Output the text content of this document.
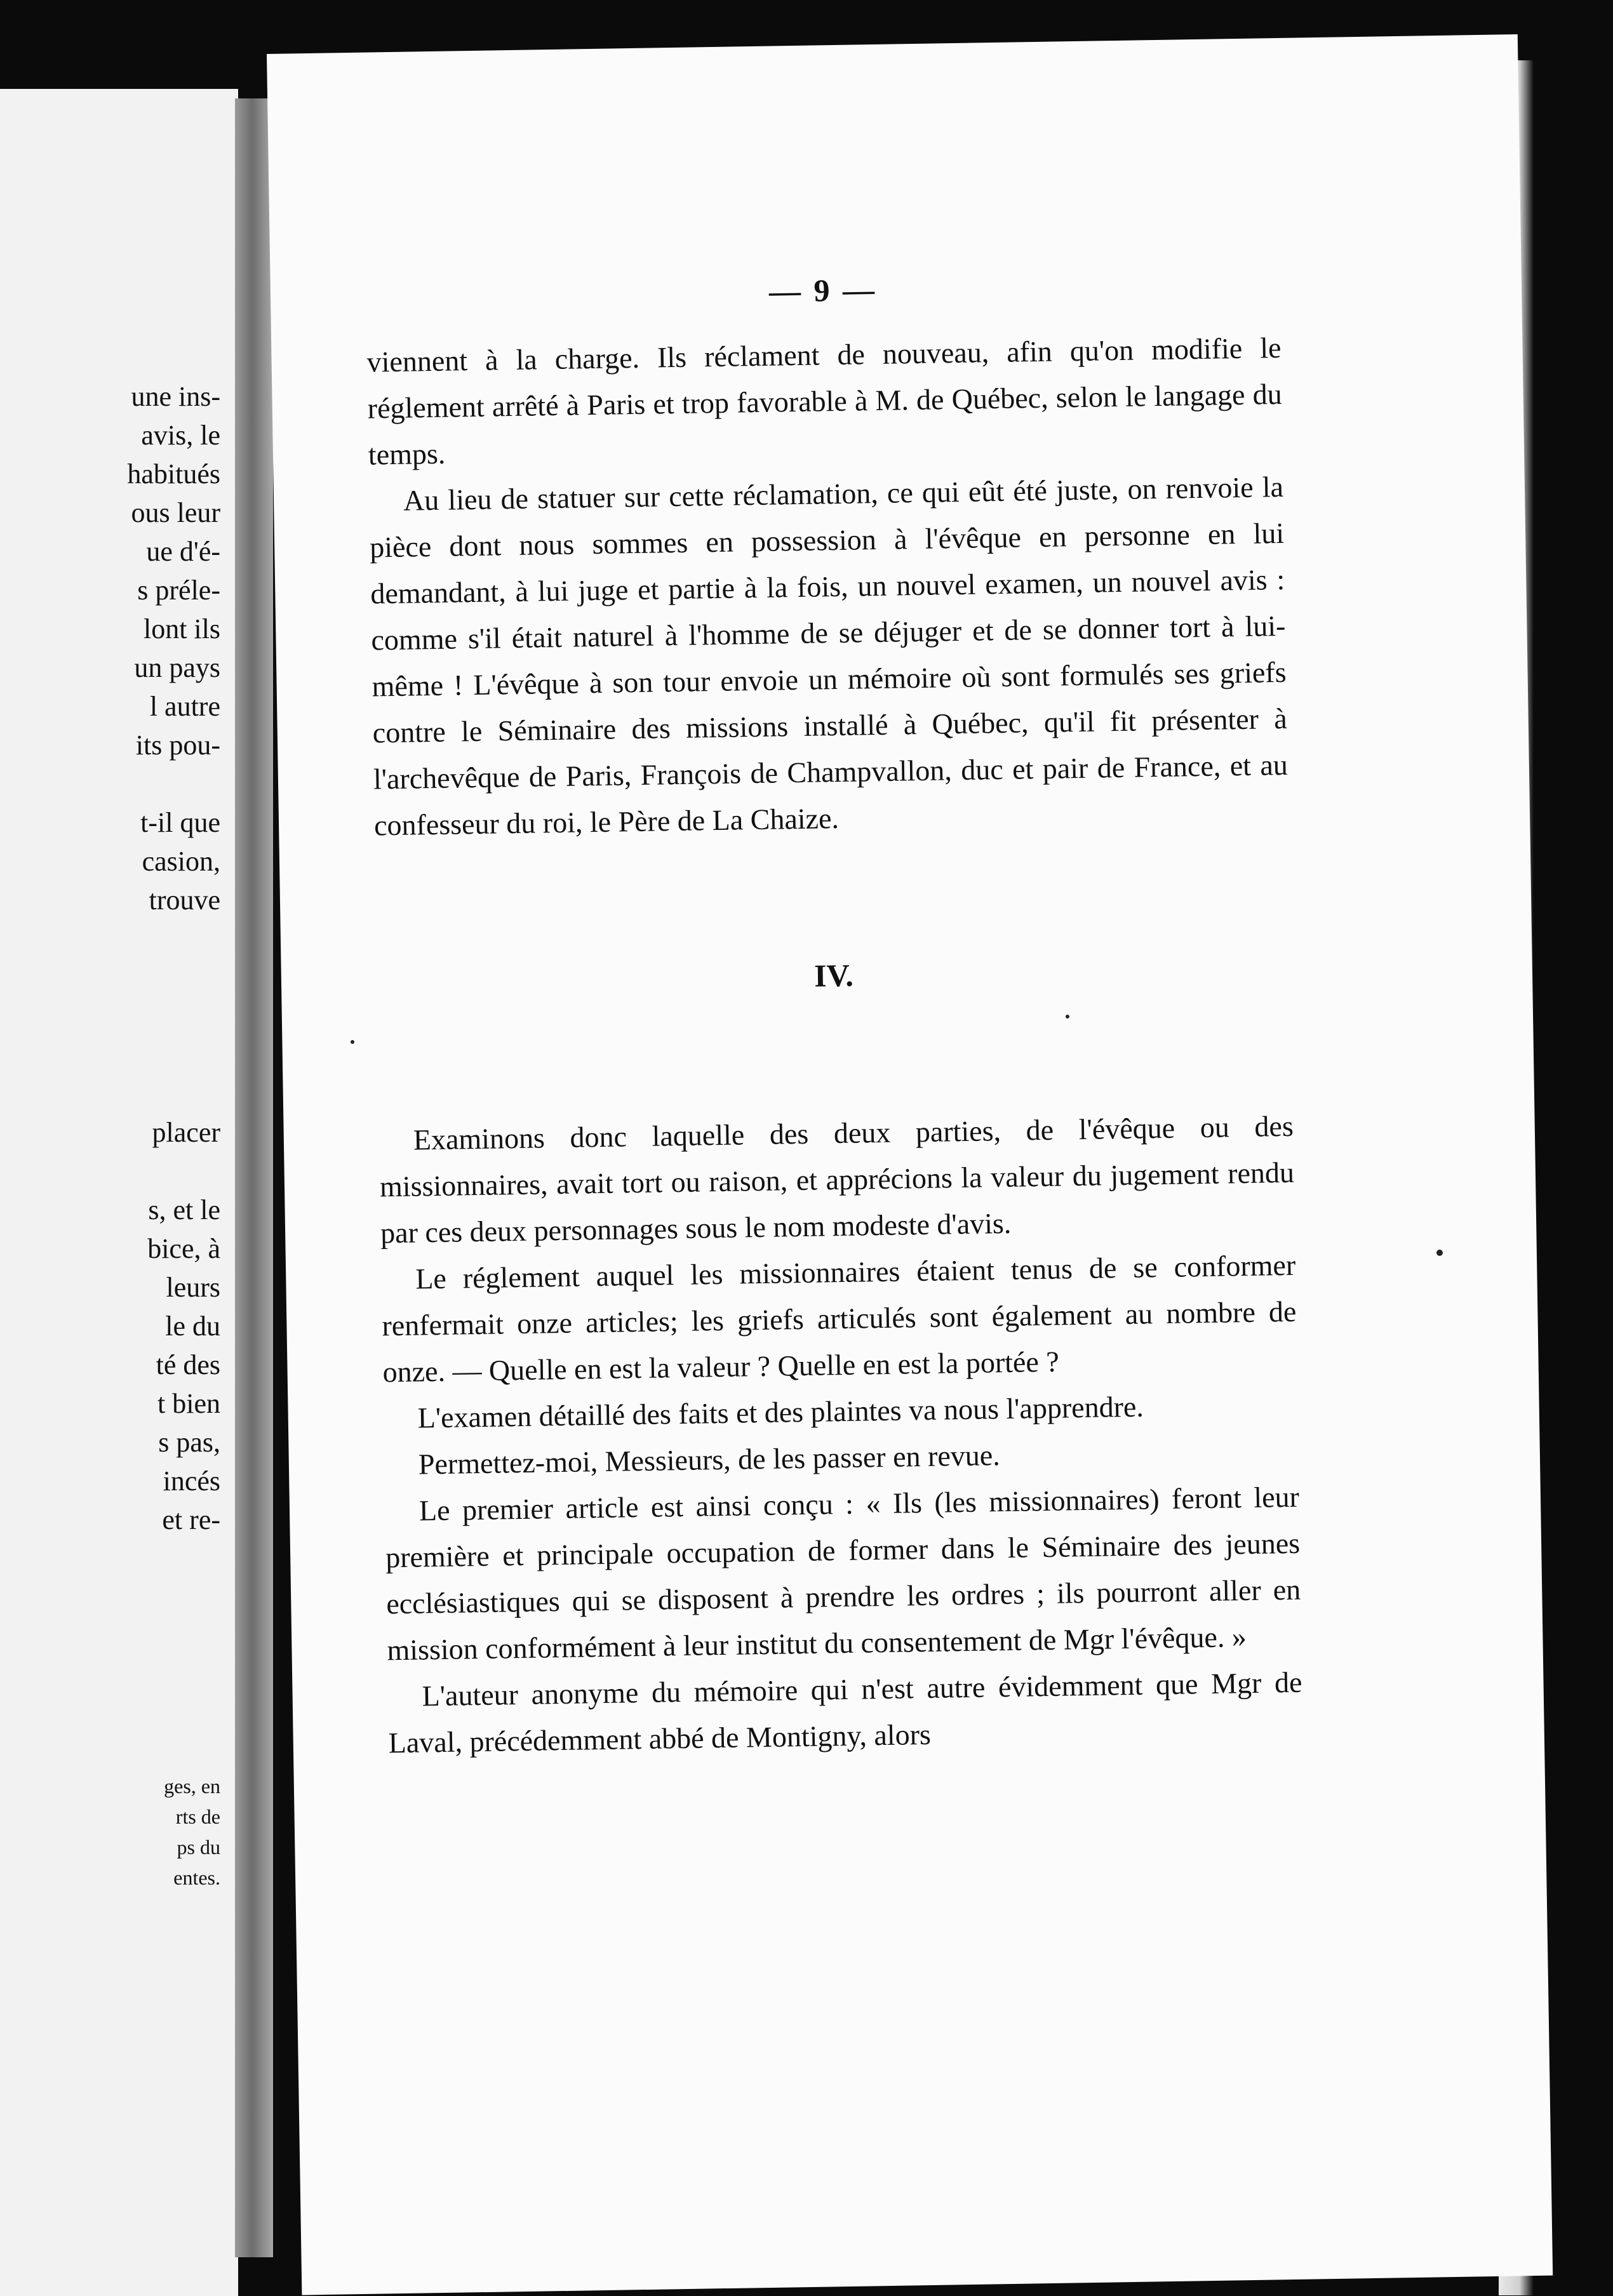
une ins-
avis, le
habitués
ous leur
ue d'é-
s préle-
lont ils
un pays
l autre
its pou-
t-il que
casion,
trouve
placer
s, et le
bice, à
leurs
le du
té des
t bien
s pas,
incés
et re-
ges, en
rts de
ps du
entes.
— 9 —

viennent à la charge. Ils réclament de nouveau, afin qu'on modifie le réglement arrêté à Paris et trop favorable à M. de Québec, selon le langage du temps.

Au lieu de statuer sur cette réclamation, ce qui eût été juste, on renvoie la pièce dont nous sommes en possession à l'évêque en personne en lui demandant, à lui juge et partie à la fois, un nouvel examen, un nouvel avis : comme s'il était naturel à l'homme de se déjuger et de se donner tort à lui-même ! L'évêque à son tour envoie un mémoire où sont formulés ses griefs contre le Séminaire des missions installé à Québec, qu'il fit présenter à l'archevêque de Paris, François de Champvallon, duc et pair de France, et au confesseur du roi, le Père de La Chaize.

IV.

Examinons donc laquelle des deux parties, de l'évêque ou des missionnaires, avait tort ou raison, et apprécions la valeur du jugement rendu par ces deux personnages sous le nom modeste d'avis.

Le réglement auquel les missionnaires étaient tenus de se conformer renfermait onze articles; les griefs articulés sont également au nombre de onze. — Quelle en est la valeur ? Quelle en est la portée ?

L'examen détaillé des faits et des plaintes va nous l'apprendre.

Permettez-moi, Messieurs, de les passer en revue.

Le premier article est ainsi conçu : « Ils (les missionnaires) feront leur première et principale occupation de former dans le Séminaire des jeunes ecclésiastiques qui se disposent à prendre les ordres ; ils pourront aller en mission conformément à leur institut du consentement de Mgr l'évêque. »

L'auteur anonyme du mémoire qui n'est autre évidemment que Mgr de Laval, précédemment abbé de Montigny, alors
